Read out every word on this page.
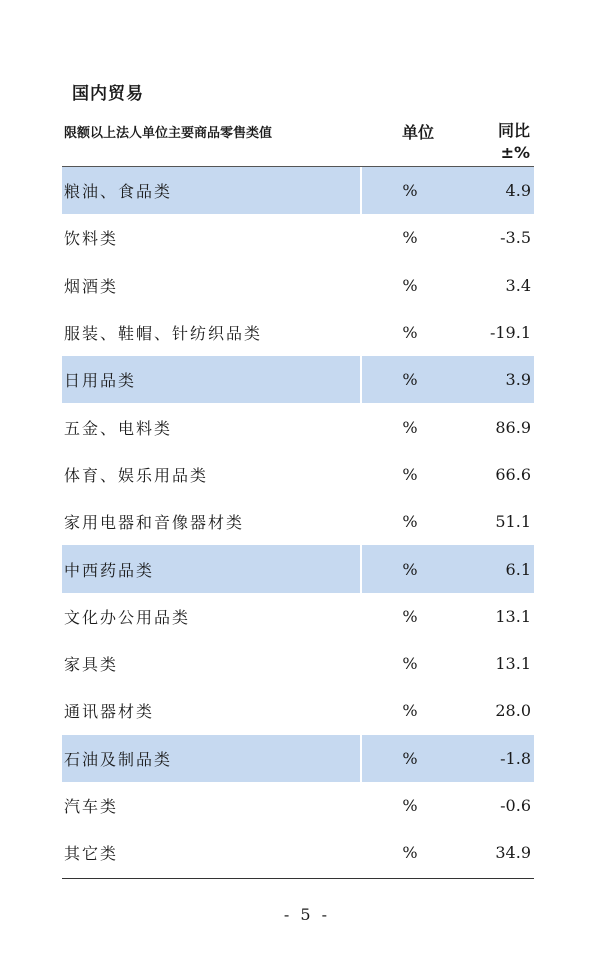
国内贸易
限额以上法人单位主要商品零售类值	单位	同比
±%
粮油、食品类	%	4.9
饮料类	%	-3.5
烟酒类	%	3.4
服装、鞋帽、针纺织品类	%	-19.1
日用品类	%	3.9
五金、电料类	%	86.9
体育、娱乐用品类	%	66.6
家用电器和音像器材类	%	51.1
中西药品类	%	6.1
文化办公用品类	%	13.1
家具类	%	13.1
通讯器材类	%	28.0
石油及制品类	%	-1.8
汽车类	%	-0.6
其它类	%	34.9
- 5 -
